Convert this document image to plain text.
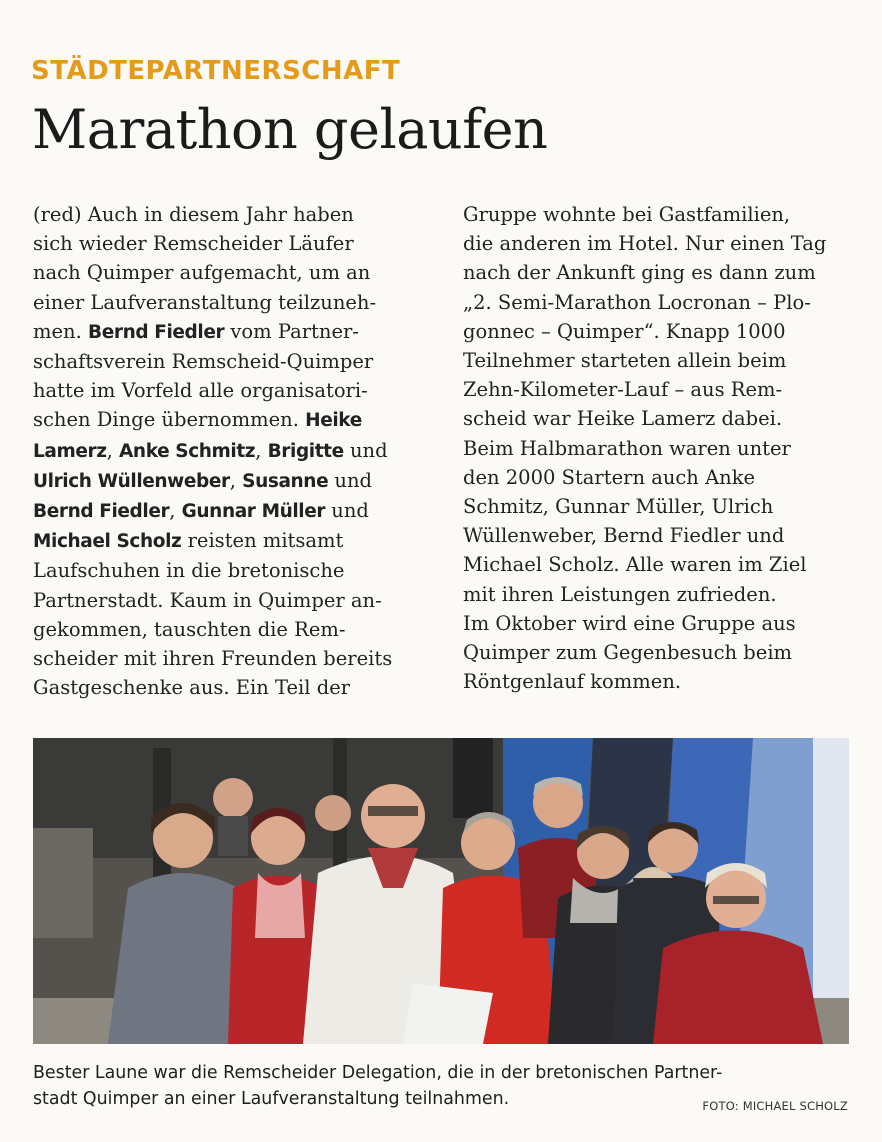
STÄDTEPARTNERSCHAFT
Marathon gelaufen
(red) Auch in diesem Jahr haben
sich wieder Remscheider Läufer
nach Quimper aufgemacht, um an
einer Laufveranstaltung teilzuneh-
men. Bernd Fiedler vom Partner-
schaftsverein Remscheid-Quimper
hatte im Vorfeld alle organisatori-
schen Dinge übernommen. Heike
Lamerz, Anke Schmitz, Brigitte und
Ulrich Wüllenweber, Susanne und
Bernd Fiedler, Gunnar Müller und
Michael Scholz reisten mitsamt
Laufschuhen in die bretonische
Partnerstadt. Kaum in Quimper an-
gekommen, tauschten die Rem-
scheider mit ihren Freunden bereits
Gastgeschenke aus. Ein Teil der
Gruppe wohnte bei Gastfamilien,
die anderen im Hotel. Nur einen Tag
nach der Ankunft ging es dann zum
„2. Semi-Marathon Locronan – Plo-
gonnec – Quimper“. Knapp 1000
Teilnehmer starteten allein beim
Zehn-Kilometer-Lauf – aus Rem-
scheid war Heike Lamerz dabei.
Beim Halbmarathon waren unter
den 2000 Startern auch Anke
Schmitz, Gunnar Müller, Ulrich
Wüllenweber, Bernd Fiedler und
Michael Scholz. Alle waren im Ziel
mit ihren Leistungen zufrieden.
Im Oktober wird eine Gruppe aus
Quimper zum Gegenbesuch beim
Röntgenlauf kommen.
Bester Laune war die Remscheider Delegation, die in der bretonischen Partner-
stadt Quimper an einer Laufveranstaltung teilnahmen.	FOTO: MICHAEL SCHOLZ
